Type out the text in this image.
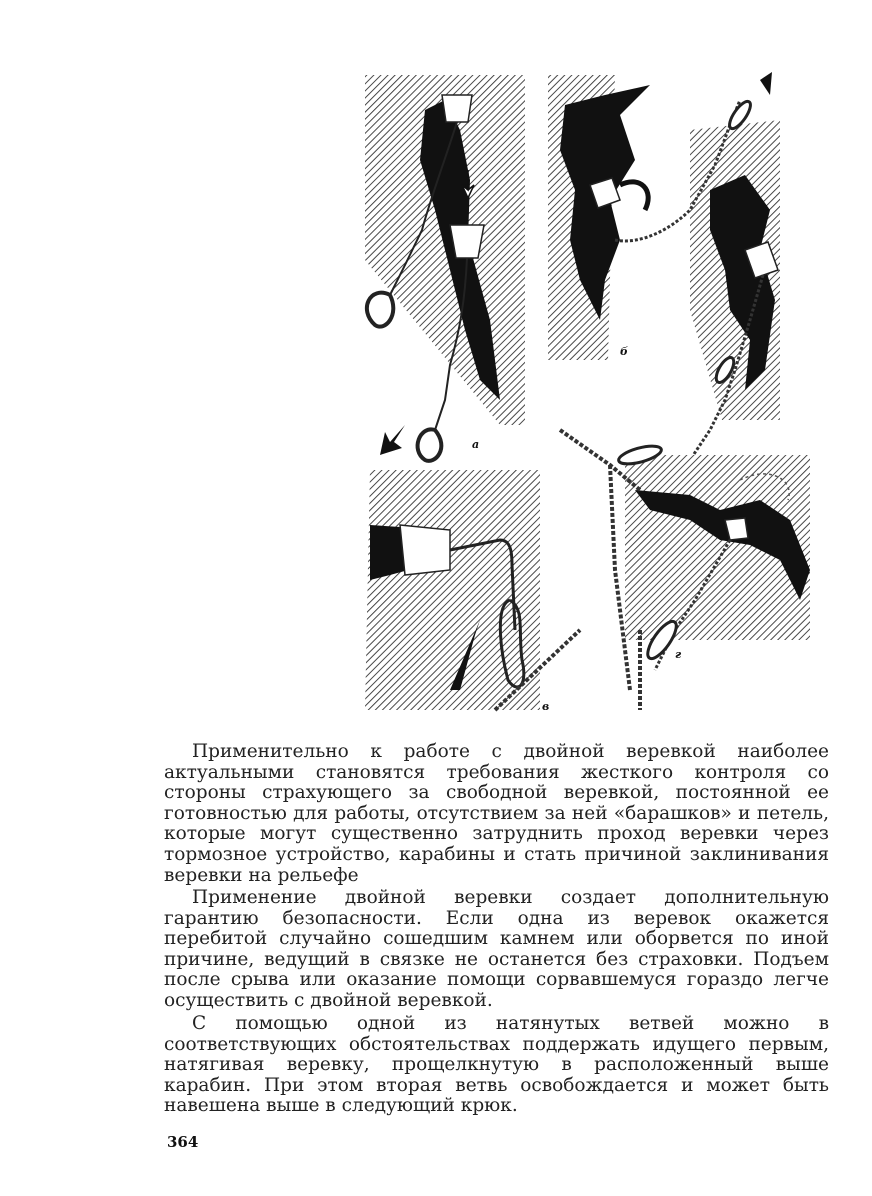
а
б
в
г

Применительно к работе с двойной веревкой наиболее актуальными становятся требования жесткого контроля со стороны страхующего за свободной веревкой, постоянной ее готовностью для работы, отсутствием за ней «барашков» и петель, которые могут существенно затруднить проход веревки через тормозное устройство, карабины и стать причиной заклинивания веревки на рельефе

Применение двойной веревки создает дополнительную гарантию безопасности. Если одна из веревок окажется перебитой случайно сошедшим камнем или оборвется по иной причине, ведущий в связке не останется без страховки. Подъем после срыва или оказание помощи сорвавшемуся гораздо легче осуществить с двойной веревкой.

С помощью одной из натянутых ветвей можно в соответствующих обстоятельствах поддержать идущего первым, натягивая веревку, прощелкнутую в расположенный выше карабин. При этом вторая ветвь освобождается и может быть навешена выше в следующий крюк.

364
